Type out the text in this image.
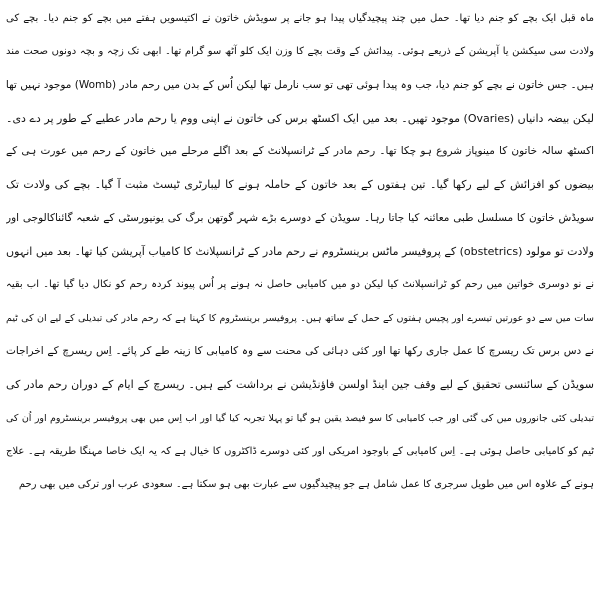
ماہ قبل ایک بچے کو جنم دیا تھا۔ حمل میں چند پیچیدگیاں پیدا ہو جانے پر سویڈش خاتون نے اکتیسویں ہفتے میں بچے کو جنم دیا۔ بچے کی
ولادت سی سیکشن یا آپریشن کے ذریعے ہوئی۔ پیدائش کے وقت بچے کا وزن ایک کلو آٹھ سو گرام تھا۔ ابھی تک زچہ و بچہ دونوں صحت مند
ہیں۔ جس خاتون نے بچے کو جنم دیا، جب وہ پیدا ہوئی تھی تو سب نارمل تھا لیکن اُس کے بدن میں رحم مادر (Womb) موجود نہیں تھا
لیکن بیضہ دانیاں (Ovaries) موجود تھیں۔ بعد میں ایک اکسٹھ برس کی خاتون نے اپنی ووم یا رحم مادر عطیے کے طور پر دے دی۔
اکسٹھ سالہ خاتون کا مینوپاز شروع ہو چکا تھا۔ رحم مادر کے ٹرانسپلانٹ کے بعد اگلے مرحلے میں خاتون کے رحم میں عورت ہی کے
بیضوں کو افزائش کے لیے رکھا گیا۔ تین ہفتوں کے بعد خاتون کے حاملہ ہونے کا لیبارٹری ٹیسٹ مثبت آ گیا۔ بچے کی ولادت تک
سویڈش خاتون کا مسلسل طبی معائنہ کیا جاتا رہا۔ سویڈن کے دوسرے بڑے شہر گوتھن برگ کی یونیورسٹی کے شعبہ گائناکالوجی اور
ولادت تو مولود (obstetrics) کے پروفیسر ماٹس برینسٹروم نے رحم مادر کے ٹرانسپلانٹ کا کامیاب آپریشن کیا تھا۔ بعد میں انہوں
نے نو دوسری خواتین میں رحم کو ٹرانسپلانٹ کیا لیکن دو میں کامیابی حاصل نہ ہونے پر اُس پیوند کردہ رحم کو نکال دیا گیا تھا۔ اب بقیہ
سات میں سے دو عورتیں تیسرے اور پچیس ہفتوں کے حمل کے ساتھ ہیں۔ پروفیسر برینسٹروم کا کہنا ہے کہ رحم مادر کی تبدیلی کے لیے ان کی ٹیم
نے دس برس تک ریسرچ کا عمل جاری رکھا تھا اور کئی دہائی کی محنت سے وہ کامیابی کا زینہ طے کر پائے۔ اِس ریسرچ کے اخراجات
سویڈن کے سائنسی تحقیق کے لیے وقف جین اینڈ اولسن فاؤنڈیشن نے برداشت کیے ہیں۔ ریسرچ کے ایام کے دوران رحم مادر کی
تبدیلی کئی جانوروں میں کی گئی اور جب کامیابی کا سو فیصد یقین ہو گیا تو پہلا تجربہ کیا گیا اور اب اِس میں بھی پروفیسر برینسٹروم اور اُن کی
ٹیم کو کامیابی حاصل ہوئی ہے۔ اِس کامیابی کے باوجود امریکی اور کئی دوسرے ڈاکٹروں کا خیال ہے کہ یہ ایک خاصا مہنگا طریقہ ہے۔ علاج
ہونے کے علاوہ اس میں طویل سرجری کا عمل شامل ہے جو پیچیدگیوں سے عبارت بھی ہو سکتا ہے۔ سعودی عرب اور ترکی میں بھی رحم
